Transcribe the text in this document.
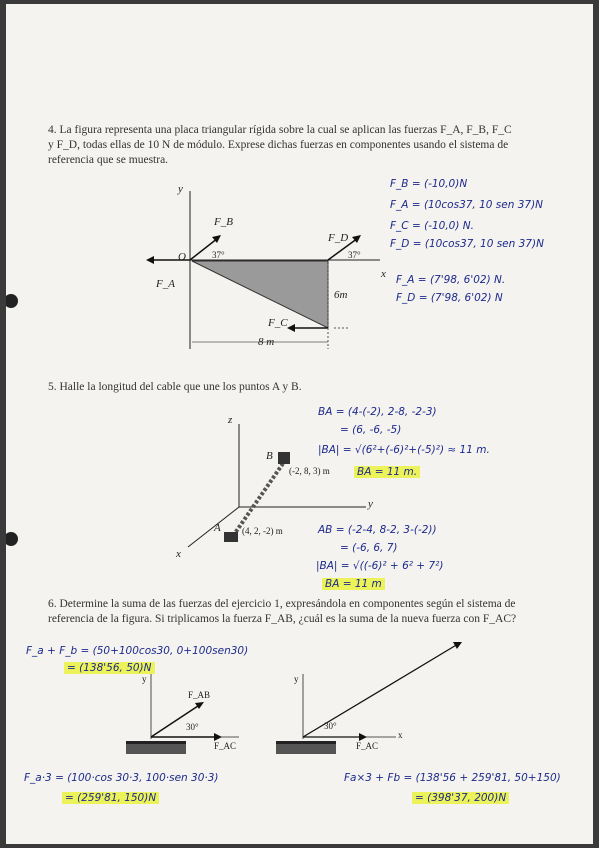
4. La figura representa una placa triangular rígida sobre la cual se aplican las fuerzas F_A, F_B, F_C y F_D, todas ellas de 10 N de módulo. Exprese dichas fuerzas en componentes usando el sistema de referencia que se muestra.
5. Halle la longitud del cable que une los puntos A y B.
6. Determine la suma de las fuerzas del ejercicio 1, expresándola en componentes según el sistema de referencia de la figura. Si triplicamos la fuerza F_AB, ¿cuál es la suma de la nueva fuerza con F_AC?
y
F_B
F_D
O	37°	37°
x
F_A
6m
F_C
8 m
z
B
(-2, 8, 3) m
y
A (4, 2, -2) m
x
y
F_AB
30°
F_AC
y
30°
F_AC
x
F_B = (-10,0)N
F_A = (10cos37, 10 sen 37)N
F_C = (-10,0) N.
F_D = (10cos37, 10 sen 37)N
F_A = (7'98, 6'02) N.
F_D = (7'98, 6'02) N
BA = (4-(-2), 2-8, -2-3)
= (6, -6, -5)
|BA| = √(6²+(-6)²+(-5)²) ≈ 11 m.
BA = 11 m.
AB = (-2-4, 8-2, 3-(-2))
= (-6, 6, 7)
|BA| = √((-6)² + 6² + 7²)
BA = 11 m
F_a + F_b = (50+100cos30, 0+100sen30)
= (138'56, 50)N
F_a·3 = (100·cos 30·3, 100·sen 30·3)
= (259'81, 150)N
Fa×3 + Fb = (138'56 + 259'81, 50+150)
= (398'37, 200)N
